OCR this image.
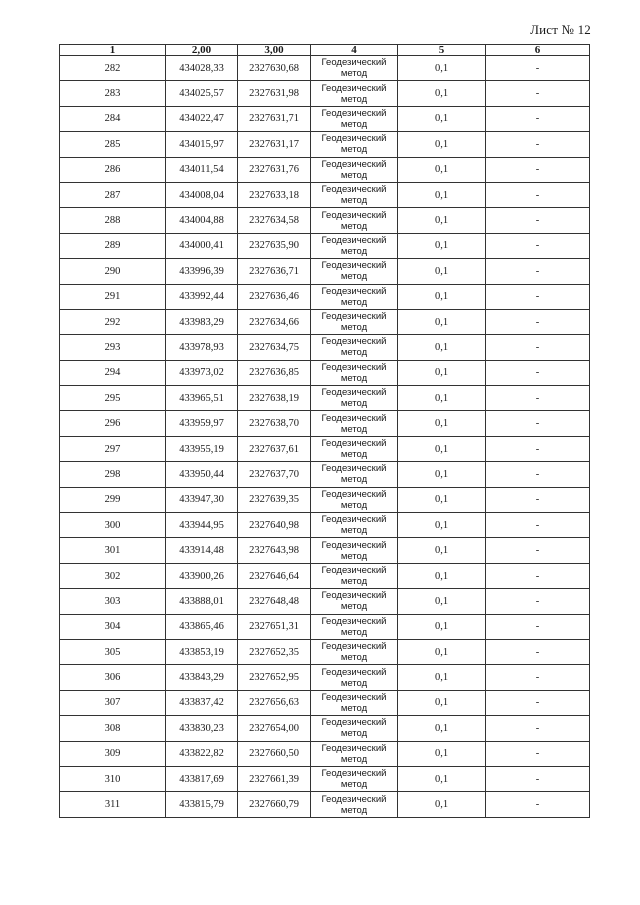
Лист № 12
1	2,00	3,00	4	5	6
282	434028,33	2327630,68	Геодезический метод	0,1	-
283	434025,57	2327631,98	Геодезический метод	0,1	-
284	434022,47	2327631,71	Геодезический метод	0,1	-
285	434015,97	2327631,17	Геодезический метод	0,1	-
286	434011,54	2327631,76	Геодезический метод	0,1	-
287	434008,04	2327633,18	Геодезический метод	0,1	-
288	434004,88	2327634,58	Геодезический метод	0,1	-
289	434000,41	2327635,90	Геодезический метод	0,1	-
290	433996,39	2327636,71	Геодезический метод	0,1	-
291	433992,44	2327636,46	Геодезический метод	0,1	-
292	433983,29	2327634,66	Геодезический метод	0,1	-
293	433978,93	2327634,75	Геодезический метод	0,1	-
294	433973,02	2327636,85	Геодезический метод	0,1	-
295	433965,51	2327638,19	Геодезический метод	0,1	-
296	433959,97	2327638,70	Геодезический метод	0,1	-
297	433955,19	2327637,61	Геодезический метод	0,1	-
298	433950,44	2327637,70	Геодезический метод	0,1	-
299	433947,30	2327639,35	Геодезический метод	0,1	-
300	433944,95	2327640,98	Геодезический метод	0,1	-
301	433914,48	2327643,98	Геодезический метод	0,1	-
302	433900,26	2327646,64	Геодезический метод	0,1	-
303	433888,01	2327648,48	Геодезический метод	0,1	-
304	433865,46	2327651,31	Геодезический метод	0,1	-
305	433853,19	2327652,35	Геодезический метод	0,1	-
306	433843,29	2327652,95	Геодезический метод	0,1	-
307	433837,42	2327656,63	Геодезический метод	0,1	-
308	433830,23	2327654,00	Геодезический метод	0,1	-
309	433822,82	2327660,50	Геодезический метод	0,1	-
310	433817,69	2327661,39	Геодезический метод	0,1	-
311	433815,79	2327660,79	Геодезический метод	0,1	-
